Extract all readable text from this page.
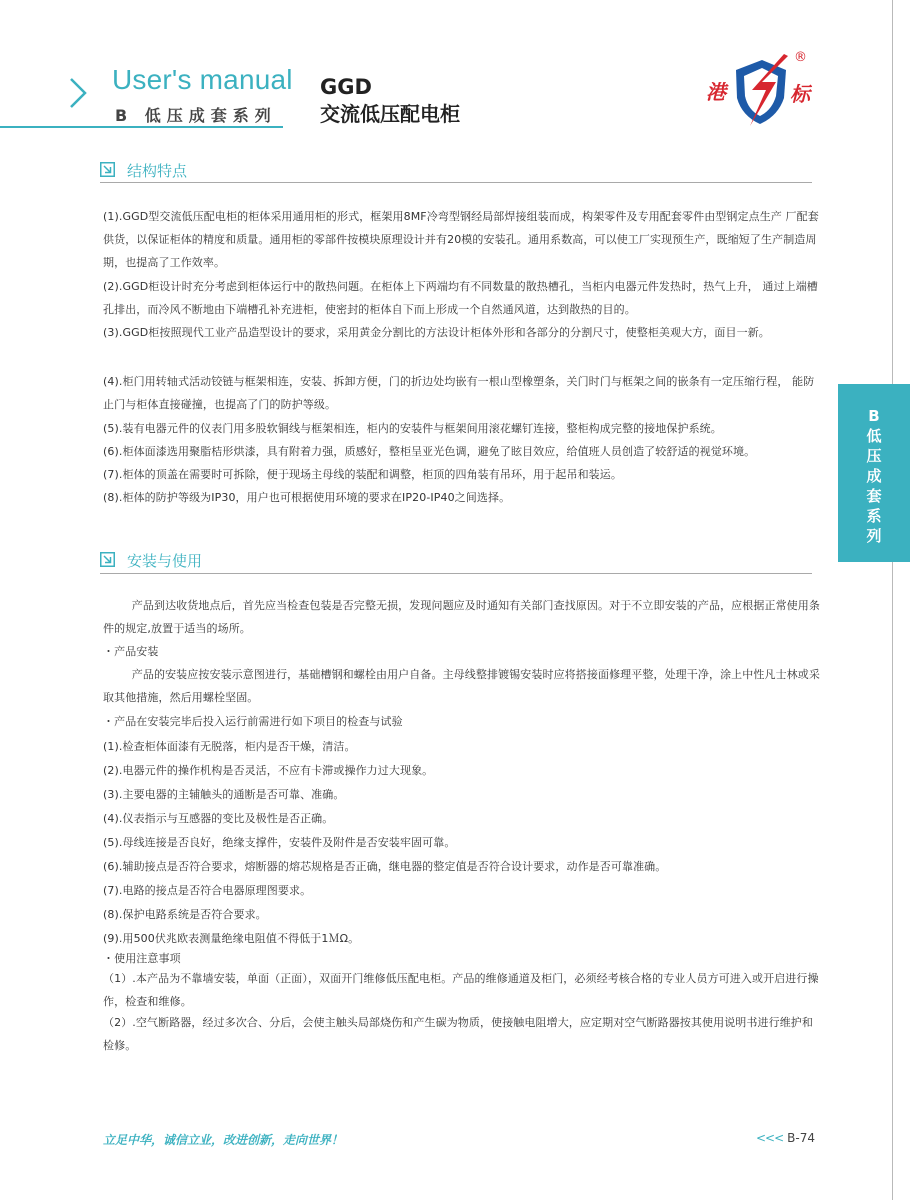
User's manual
B 低压成套系列
GGD
交流低压配电柜
港	标
®
结构特点
(1).GGD型交流低压配电柜的柜体采用通用柜的形式，框架用8MF冷弯型钢经局部焊接组装而成，构架零件及专用配套零件由型钢定点生产 厂配套供货，以保证柜体的精度和质量。通用柜的零部件按模块原理设计并有20模的安装孔。通用系数高，可以使工厂实现预生产，既缩短了生产制造周期，也提高了工作效率。
(2).GGD柜设计时充分考虑到柜体运行中的散热问题。在柜体上下两端均有不同数量的散热槽孔，当柜内电器元件发热时，热气上升， 通过上端槽孔排出，而冷风不断地由下端槽孔补充进柜，使密封的柜体自下而上形成一个自然通风道，达到散热的目的。
(3).GGD柜按照现代工业产品造型设计的要求，采用黄金分割比的方法设计柜体外形和各部分的分割尺寸，使整柜美观大方，面目一新。
(4).柜门用转轴式活动铰链与框架相连，安装、拆卸方便，门的折边处均嵌有一根山型橡塑条，关门时门与框架之间的嵌条有一定压缩行程， 能防止门与柜体直接碰撞，也提高了门的防护等级。
(5).装有电器元件的仪表门用多股软铜线与框架相连，柜内的安装件与框架间用滚花螺钉连接，整柜构成完整的接地保护系统。
(6).柜体面漆选用聚脂桔形烘漆，具有附着力强，质感好，整柜呈亚光色调，避免了眩目效应，给值班人员创造了较舒适的视觉环境。
(7).柜体的顶盖在需要时可拆除，便于现场主母线的装配和调整，柜顶的四角装有吊环，用于起吊和装运。
(8).柜体的防护等级为IP30，用户也可根据使用环境的要求在IP20-IP40之间选择。
安装与使用
产品到达收货地点后，首先应当检查包装是否完整无损，发现问题应及时通知有关部门查找原因。对于不立即安装的产品，应根据正常使用条件的规定,放置于适当的场所。
・产品安装
产品的安装应按安装示意图进行，基础槽钢和螺栓由用户自备。主母线整排镀锡安装时应将搭接面修理平整，处理干净，涂上中性凡士林或采取其他措施，然后用螺栓坚固。
・产品在安装完毕后投入运行前需进行如下项目的检查与试验
(1).检查柜体面漆有无脱落，柜内是否干燥，清洁。
(2).电器元件的操作机构是否灵活，不应有卡滞或操作力过大现象。
(3).主要电器的主辅触头的通断是否可靠、准确。
(4).仪表指示与互感器的变比及极性是否正确。
(5).母线连接是否良好，绝缘支撑件，安装件及附件是否安装牢固可靠。
(6).辅助接点是否符合要求，熔断器的熔芯规格是否正确，继电器的整定值是否符合设计要求，动作是否可靠准确。
(7).电路的接点是否符合电器原理图要求。
(8).保护电路系统是否符合要求。
(9).用500伏兆欧表测量绝缘电阻值不得低于1ＭΩ。
・使用注意事项
（1）.本产品为不靠墙安装，单面（正面），双面开门维修低压配电柜。产品的维修通道及柜门，必须经考核合格的专业人员方可进入或开启进行操作，检查和维修。
（2）.空气断路器，经过多次合、分后，会使主触头局部烧伤和产生碳为物质，使接触电阻增大，应定期对空气断路器按其使用说明书进行维护和检修。
B
低
压
成
套
系
列
立足中华，诚信立业，改进创新，走向世界！	<<< B-74
